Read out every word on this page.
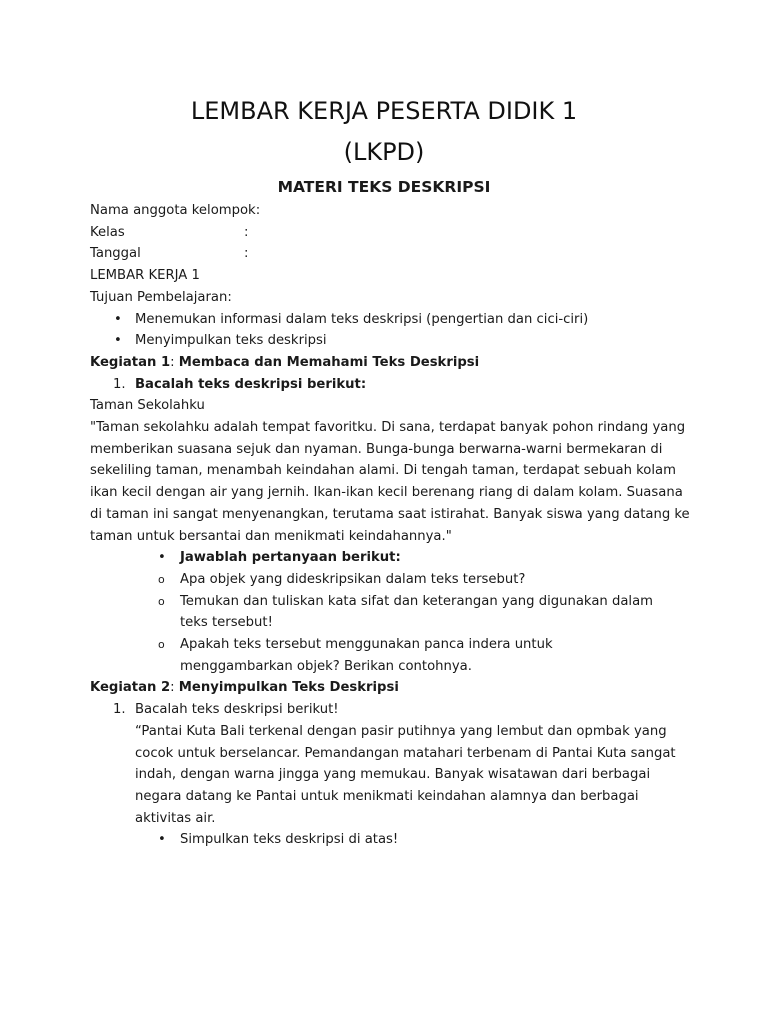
LEMBAR KERJA PESERTA DIDIK 1
(LKPD)
MATERI TEKS DESKRIPSI
Nama anggota kelompok:
Kelas	:
Tanggal	:
LEMBAR KERJA 1
Tujuan Pembelajaran:
•	Menemukan informasi dalam teks deskripsi (pengertian dan cici-ciri)
•	Menyimpulkan teks deskripsi
Kegiatan 1: Membaca dan Memahami Teks Deskripsi
1. Bacalah teks deskripsi berikut:
Taman Sekolahku
"Taman sekolahku adalah tempat favoritku. Di sana, terdapat banyak pohon rindang yang memberikan suasana sejuk dan nyaman. Bunga-bunga berwarna-warni bermekaran di sekeliling taman, menambah keindahan alami. Di tengah taman, terdapat sebuah kolam ikan kecil dengan air yang jernih. Ikan-ikan kecil berenang riang di dalam kolam. Suasana di taman ini sangat menyenangkan, terutama saat istirahat. Banyak siswa yang datang ke taman untuk bersantai dan menikmati keindahannya."
•	Jawablah pertanyaan berikut:
o	Apa objek yang dideskripsikan dalam teks tersebut?
o	Temukan dan tuliskan kata sifat dan keterangan yang digunakan dalam teks tersebut!
o	Apakah teks tersebut menggunakan panca indera untuk menggambarkan objek? Berikan contohnya.
Kegiatan 2: Menyimpulkan Teks Deskripsi
1. Bacalah teks deskripsi berikut!
“Pantai Kuta Bali terkenal dengan pasir putihnya yang lembut dan opmbak yang cocok untuk berselancar. Pemandangan matahari terbenam di Pantai Kuta sangat indah, dengan warna jingga yang memukau. Banyak wisatawan dari berbagai negara datang ke Pantai untuk menikmati keindahan alamnya dan berbagai aktivitas air.
•	Simpulkan teks deskripsi di atas!
